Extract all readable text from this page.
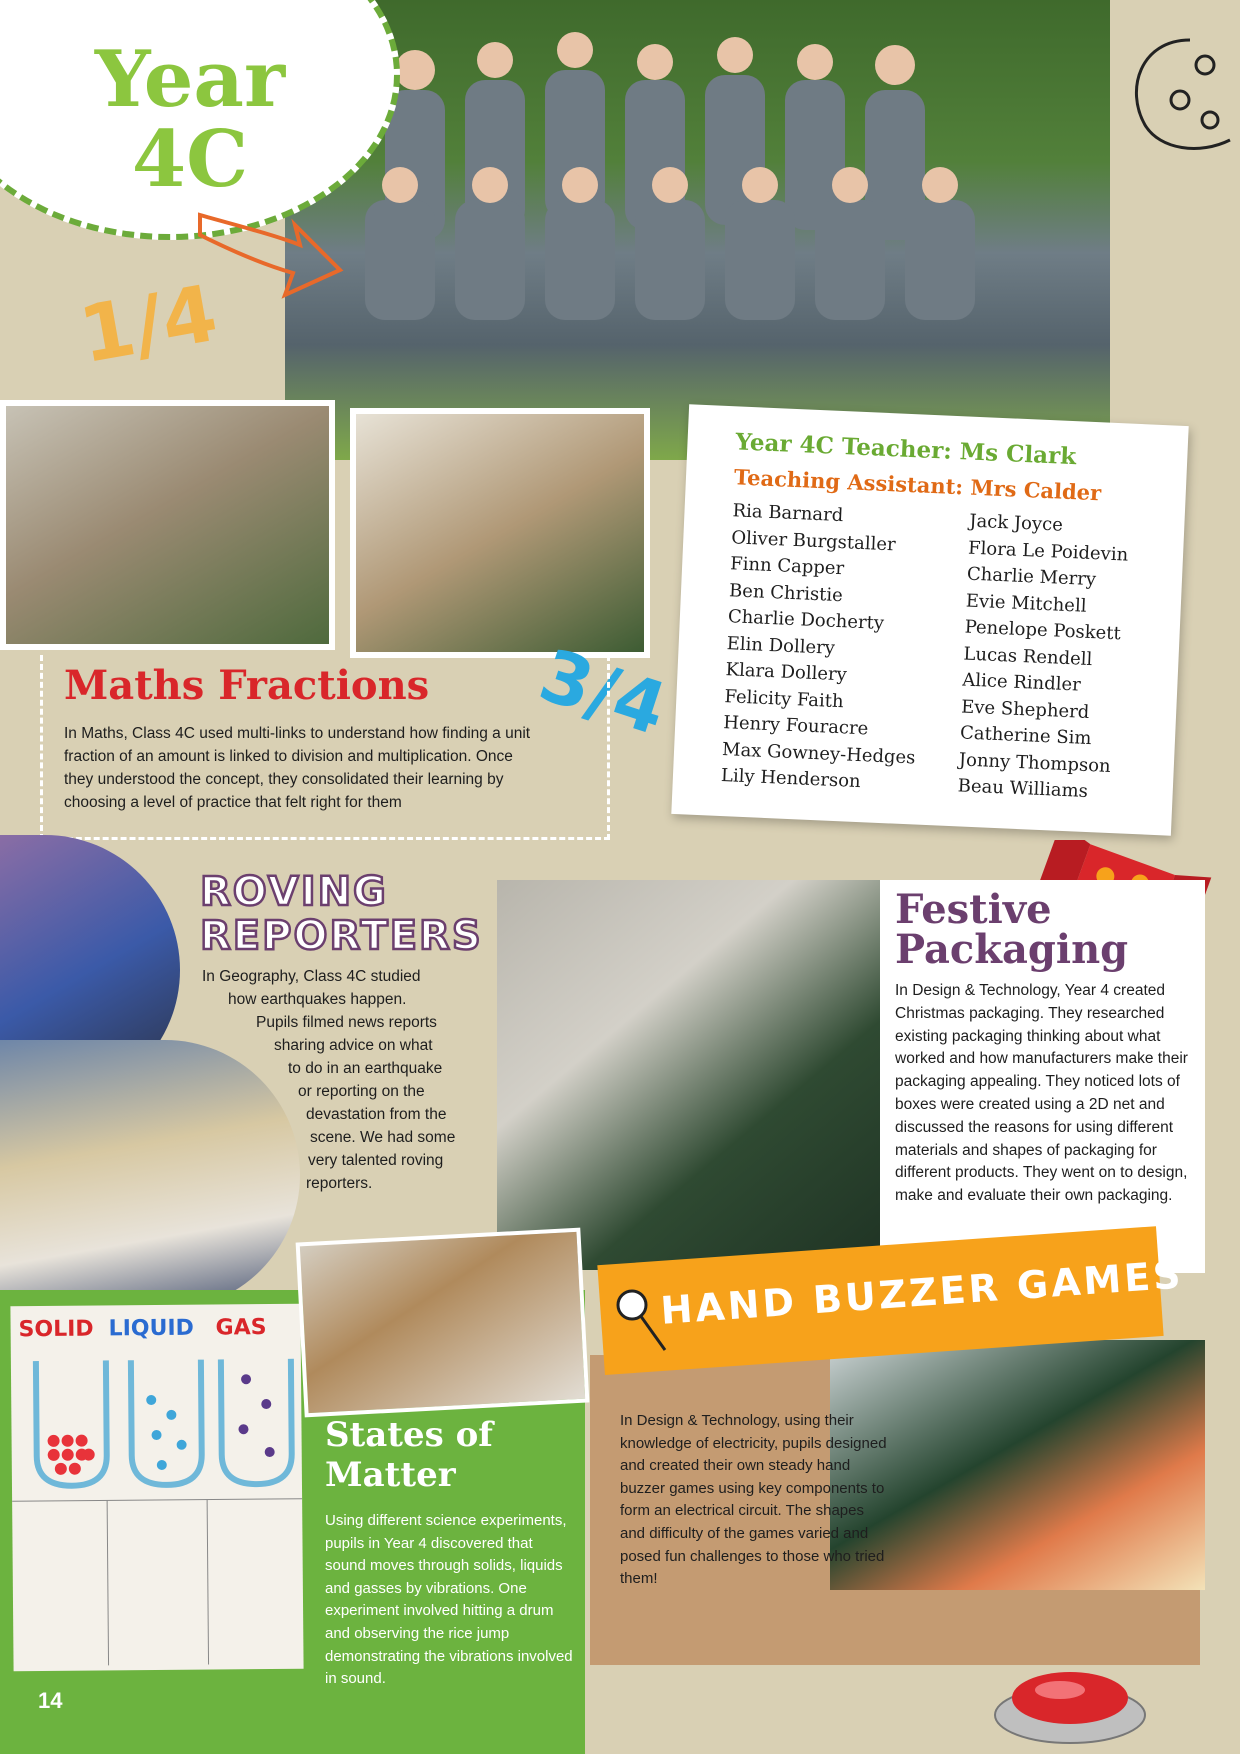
Year
4C
1/4
3/4
Year 4C Teacher: Ms Clark
Teaching Assistant: Mrs Calder
Ria Barnard
Oliver Burgstaller
Finn Capper
Ben Christie
Charlie Docherty
Elin Dollery
Klara Dollery
Felicity Faith
Henry Fouracre
Max Gowney-Hedges
Lily Henderson
Jack Joyce
Flora Le Poidevin
Charlie Merry
Evie Mitchell
Penelope Poskett
Lucas Rendell
Alice Rindler
Eve Shepherd
Catherine Sim
Jonny Thompson
Beau Williams
Maths Fractions
In Maths, Class 4C used multi-links to understand how finding a unit fraction of an amount is linked to division and multiplication. Once they understood the concept, they consolidated their learning by choosing a level of practice that felt right for them
ROVING
REPORTERS
In Geography, Class 4C studied
how earthquakes happen.
Pupils filmed news reports
sharing advice on what
to do in an earthquake
or reporting on the
devastation from the
scene. We had some
very talented roving
reporters.
Festive
Packaging
In Design & Technology, Year 4 created Christmas packaging. They researched existing packaging thinking about what worked and how manufacturers make their packaging appealing. They noticed lots of boxes were created using a 2D net and discussed the reasons for using different materials and shapes of packaging for different products. They went on to design, make and evaluate their own packaging.
SOLID LIQUID GAS
States of
Matter
Using different science experiments, pupils in Year 4 discovered that sound moves through solids, liquids and gasses by vibrations. One experiment involved hitting a drum and observing the rice jump demonstrating the vibrations involved in sound.
14
HAND BUZZER GAMES
In Design & Technology, using their knowledge of electricity, pupils designed and created their own steady hand buzzer games using key components to form an electrical circuit. The shapes and difficulty of the games varied and posed fun challenges to those who tried them!
